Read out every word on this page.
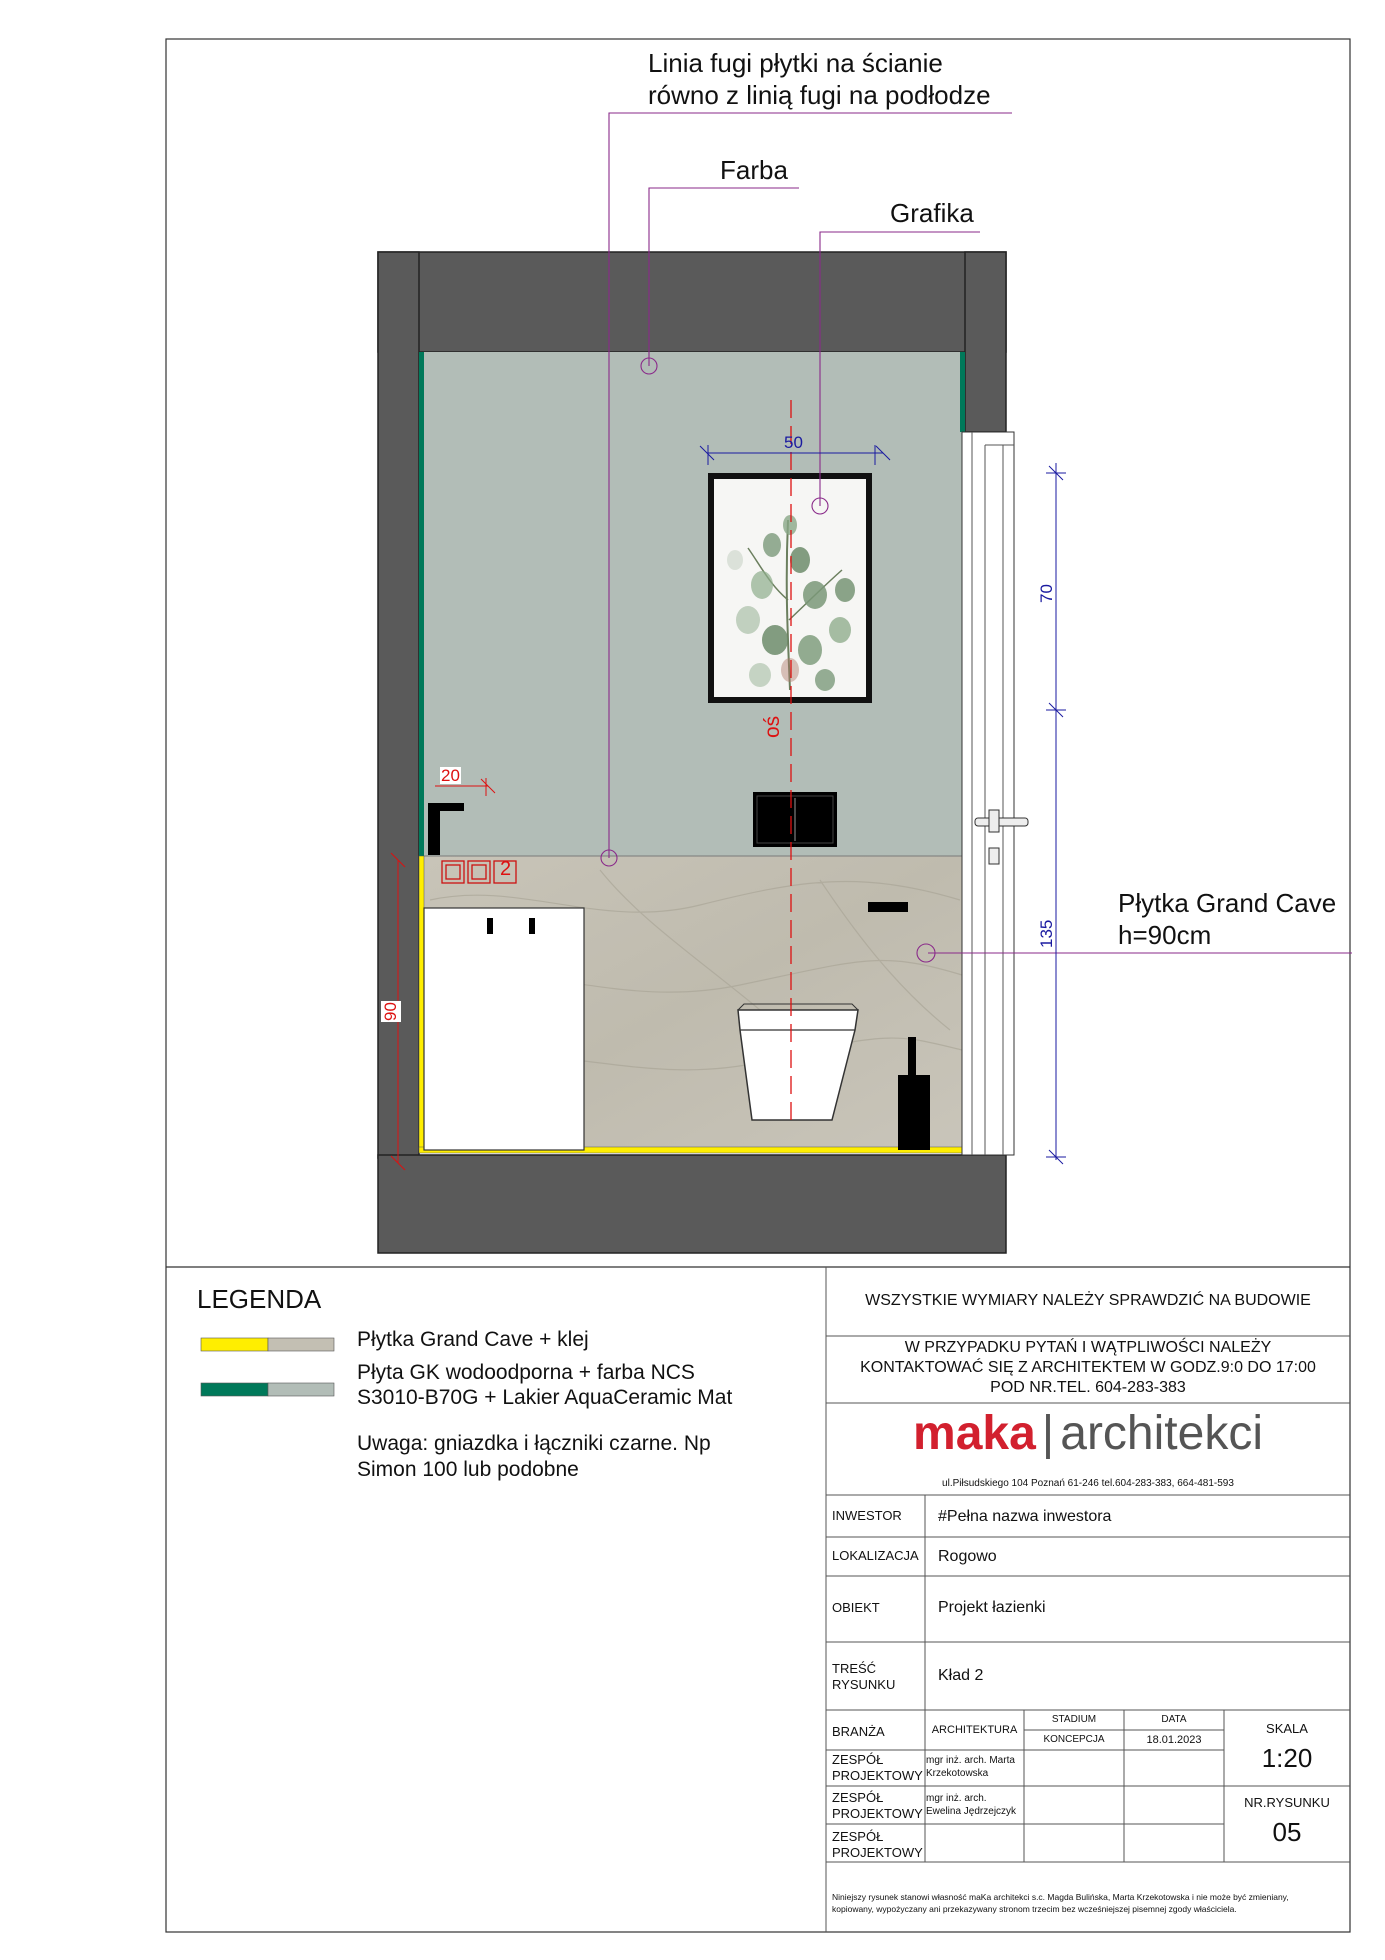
Linia fugi płytki na ścianie
równo z linią fugi na podłodze
Farba
Grafika
Płytka Grand Cave
h=90cm
oś
50
70
135
90
20
2
LEGENDA
Płytka Grand Cave + klej
Płyta GK wodoodporna + farba NCS
S3010-B70G + Lakier AquaCeramic Mat
Uwaga: gniazdka i łączniki czarne. Np
Simon 100 lub podobne
WSZYSTKIE WYMIARY NALEŻY SPRAWDZIĆ NA BUDOWIE
W PRZYPADKU PYTAŃ I WĄTPLIWOŚCI NALEŻY
KONTAKTOWAĆ SIĘ Z ARCHITEKTEM W GODZ.9:0 DO 17:00
POD NR.TEL. 604-283-383
maka | architekci
ul.Piłsudskiego 104 Poznań 61-246 tel.604-283-383, 664-481-593
INWESTOR #Pełna nazwa inwestora
LOKALIZACJA Rogowo
OBIEKT	Projekt łazienki
TREŚĆ
RYSUNKU
Kład 2
BRANŻA	ARCHITEKTURA
STADIUM
KONCEPCJA
DATA
18.01.2023
SKALA
1:20
ZESPÓŁ
PROJEKTOWY
mgr inż. arch. Marta
Krzekotowska
ZESPÓŁ
PROJEKTOWY
mgr inż. arch.
Ewelina Jędrzejczyk
NR.RYSUNKU
05
ZESPÓŁ
PROJEKTOWY
Niniejszy rysunek stanowi własność maKa architekci s.c. Magda Bulińska, Marta Krzekotowska i nie może być zmieniany,
kopiowany, wypożyczany ani przekazywany stronom trzecim bez wcześniejszej pisemnej zgody właściciela.
